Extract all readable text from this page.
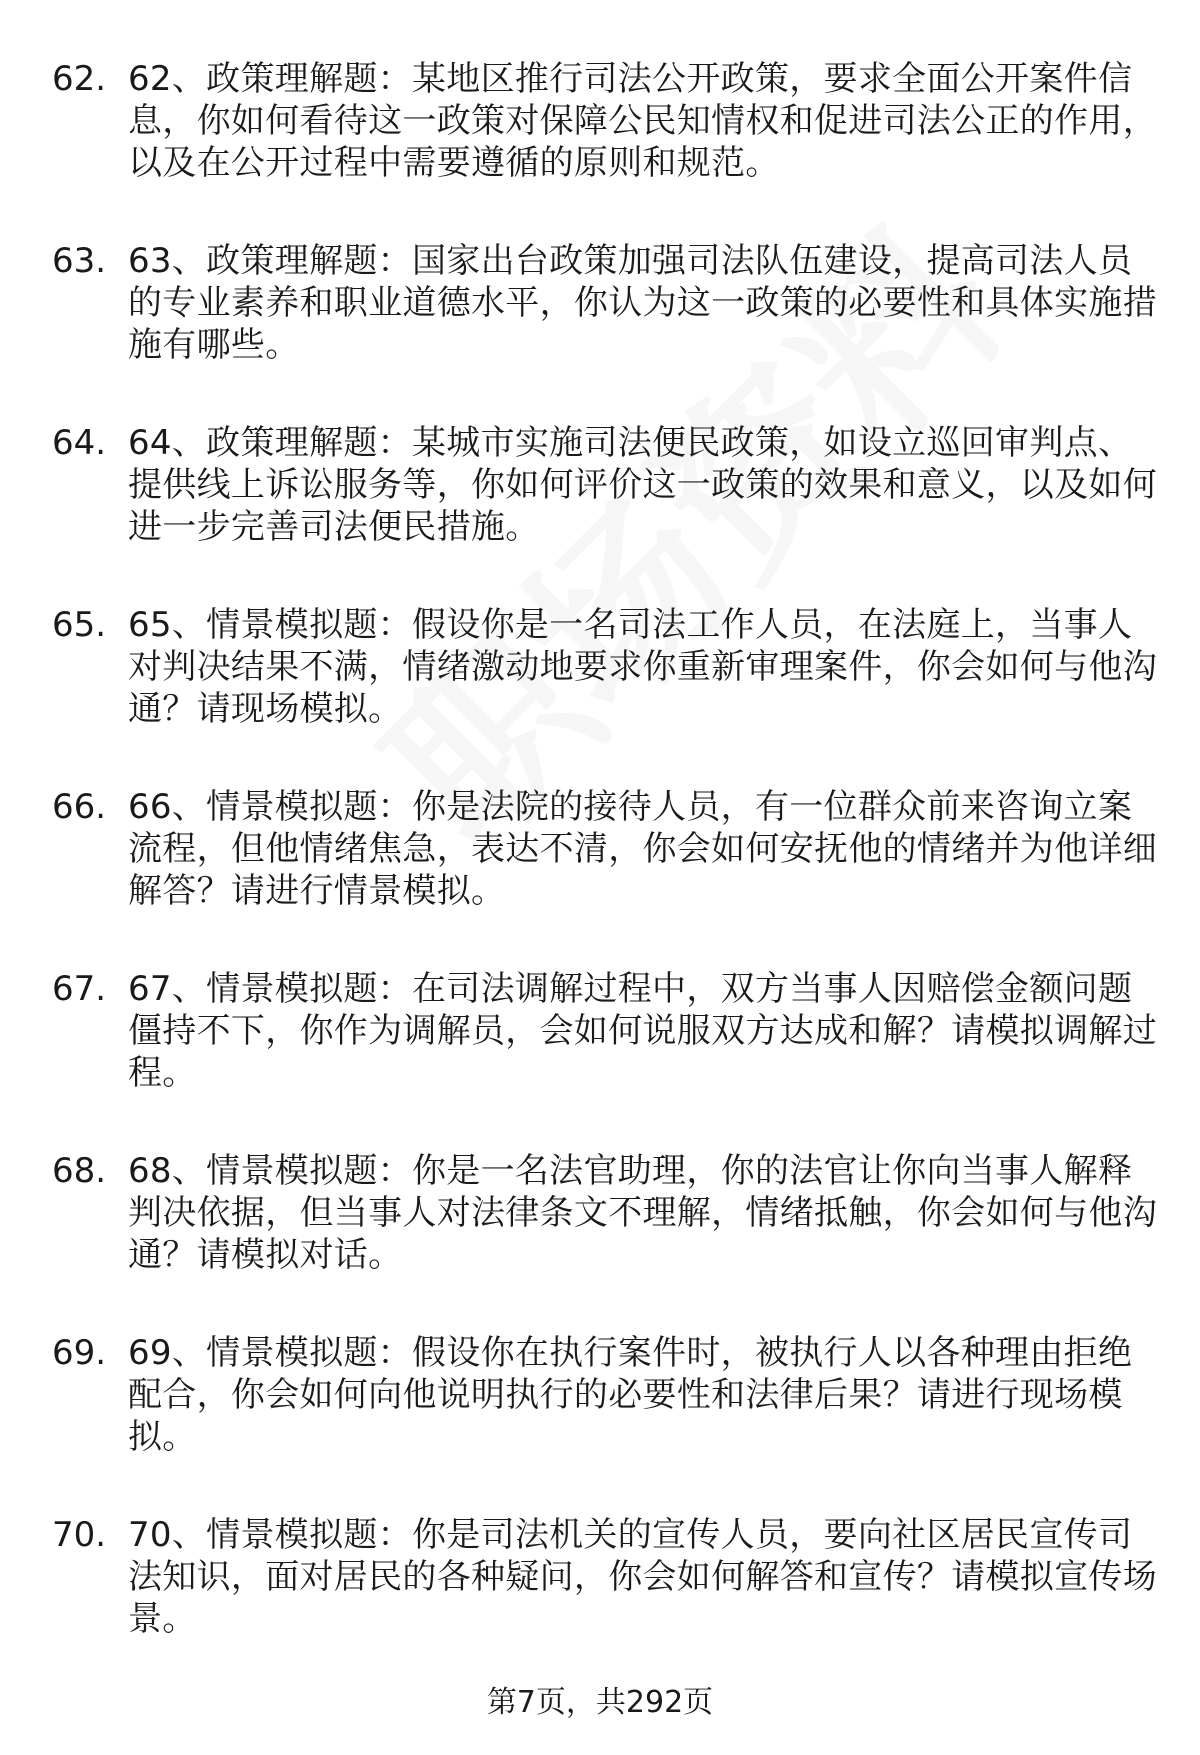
62. 62、政策理解题：某地区推行司法公开政策，要求全面公开案件信息，你如何看待这一政策对保障公民知情权和促进司法公正的作用，以及在公开过程中需要遵循的原则和规范。
63. 63、政策理解题：国家出台政策加强司法队伍建设，提高司法人员的专业素养和职业道德水平，你认为这一政策的必要性和具体实施措施有哪些。
64. 64、政策理解题：某城市实施司法便民政策，如设立巡回审判点、提供线上诉讼服务等，你如何评价这一政策的效果和意义，以及如何进一步完善司法便民措施。
65. 65、情景模拟题：假设你是一名司法工作人员，在法庭上，当事人对判决结果不满，情绪激动地要求你重新审理案件，你会如何与他沟通？请现场模拟。
66. 66、情景模拟题：你是法院的接待人员，有一位群众前来咨询立案流程，但他情绪焦急，表达不清，你会如何安抚他的情绪并为他详细解答？请进行情景模拟。
67. 67、情景模拟题：在司法调解过程中，双方当事人因赔偿金额问题僵持不下，你作为调解员，会如何说服双方达成和解？请模拟调解过程。
68. 68、情景模拟题：你是一名法官助理，你的法官让你向当事人解释判决依据，但当事人对法律条文不理解，情绪抵触，你会如何与他沟通？请模拟对话。
69. 69、情景模拟题：假设你在执行案件时，被执行人以各种理由拒绝配合，你会如何向他说明执行的必要性和法律后果？请进行现场模拟。
70. 70、情景模拟题：你是司法机关的宣传人员，要向社区居民宣传司法知识，面对居民的各种疑问，你会如何解答和宣传？请模拟宣传场景。
第7页，共292页
